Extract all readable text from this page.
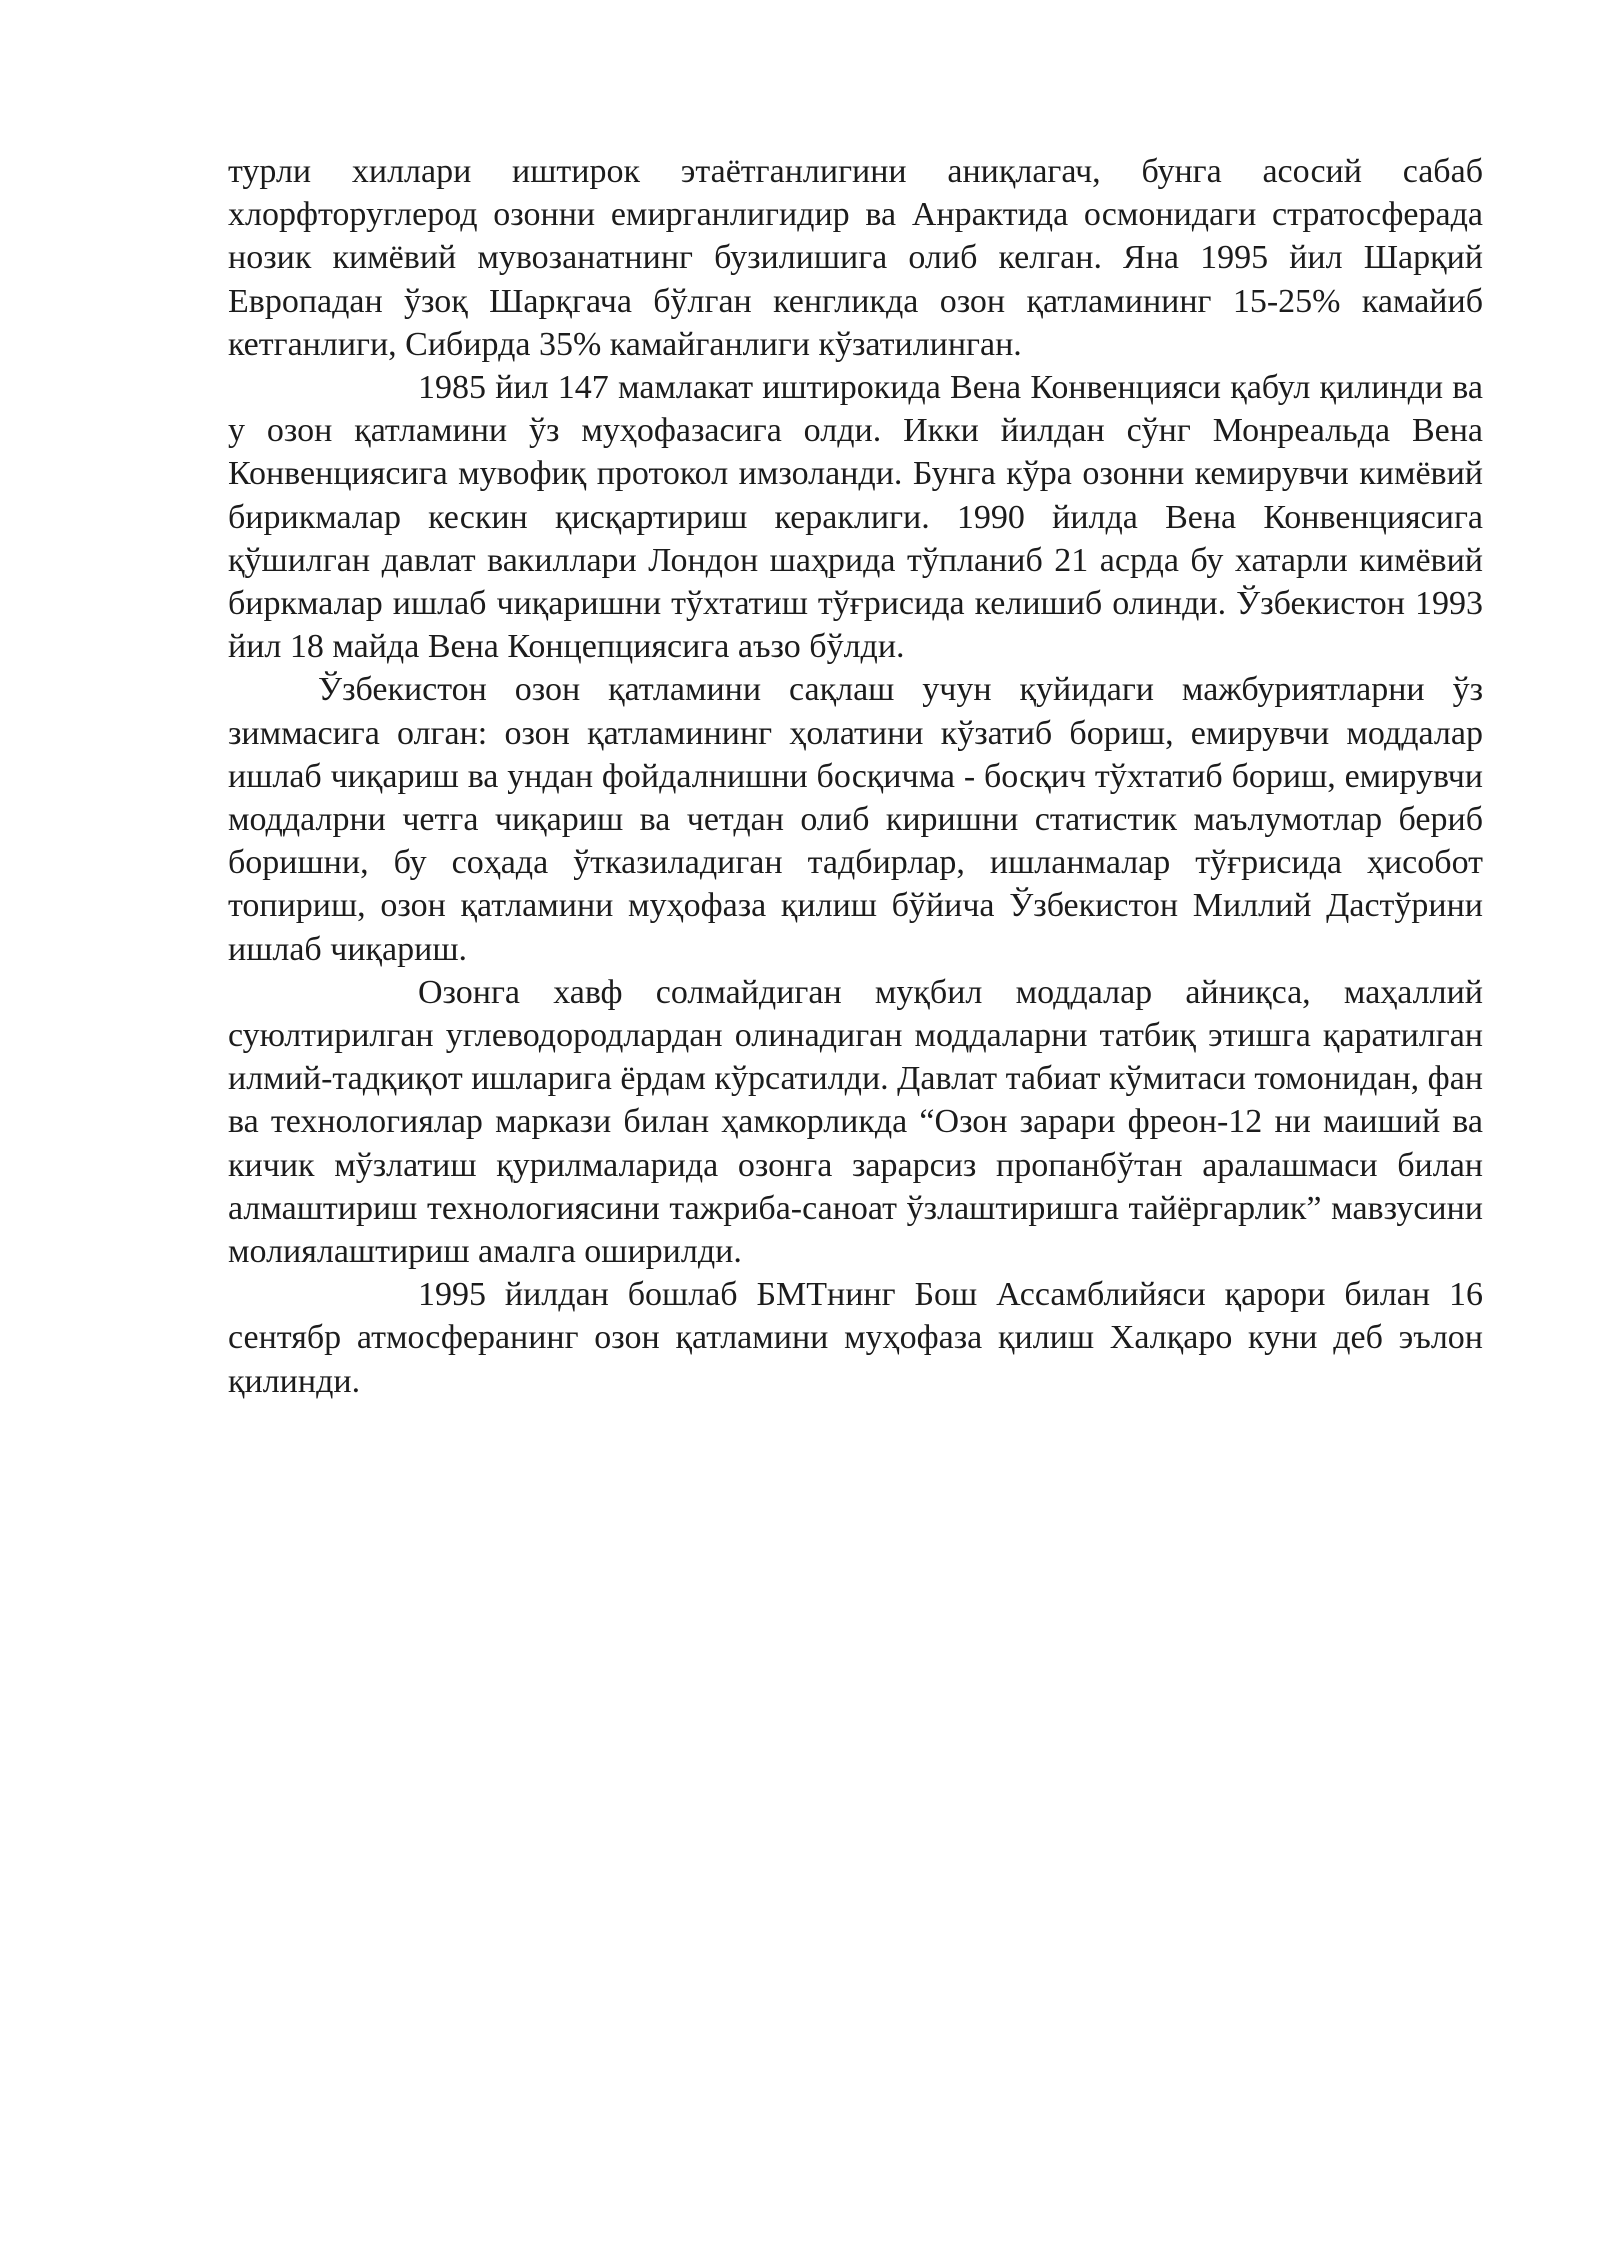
турли хиллари иштирок этаётганлигини аниқлагач, бунга асосий сабаб хлорфторуглерод озонни емирганлигидир ва Анрактида осмонидаги стратосферада нозик кимёвий мувозанатнинг бузилишига олиб келган. Яна 1995 йил Шарқий Европадан ўзоқ Шарқгача бўлган кенгликда озон қатламининг 15-25% камайиб кетганлиги, Сибирда 35% камайганлиги кўзатилинган.

1985 йил 147 мамлакат иштирокида Вена Конвенцияси қабул қилинди ва у озон қатламини ўз муҳофазасига олди. Икки йилдан сўнг Монреальда Вена Конвенциясига мувофиқ протокол имзоланди. Бунга кўра озонни кемирувчи кимёвий бирикмалар кескин қисқартириш кераклиги. 1990 йилда Вена Конвенциясига қўшилган давлат вакиллари Лондон шаҳрида тўпланиб 21 асрда бу хатарли кимёвий биркмалар ишлаб чиқаришни тўхтатиш тўғрисида келишиб олинди. Ўзбекистон 1993 йил 18 майда Вена Концепциясига аъзо бўлди.

Ўзбекистон озон қатламини сақлаш учун қуйидаги мажбуриятларни ўз зиммасига олган: озон қатламининг ҳолатини кўзатиб бориш, емирувчи моддалар ишлаб чиқариш ва ундан фойдалнишни босқичма - босқич тўхтатиб бориш, емирувчи моддалрни четга чиқариш ва четдан олиб киришни статистик маълумотлар бериб боришни, бу соҳада ўтказиладиган тадбирлар, ишланмалар тўғрисида ҳисобот топириш, озон қатламини муҳофаза қилиш бўйича Ўзбекистон Миллий Дастўрини ишлаб чиқариш.

Озонга хавф солмайдиган муқбил моддалар айниқса, маҳаллий суюлтирилган углеводородлардан олинадиган моддаларни татбиқ этишга қаратилган илмий-тадқиқот ишларига ёрдам кўрсатилди. Давлат табиат кўмитаси томонидан, фан ва технологиялар маркази билан ҳамкорликда “Озон зарари фреон-12 ни маиший ва кичик мўзлатиш қурилмаларида озонга зарарсиз пропанбўтан аралашмаси билан алмаштириш технологиясини тажриба-саноат ўзлаштиришга тайёргарлик” мавзусини молиялаштириш амалга оширилди.

1995 йилдан бошлаб БМТнинг Бош Ассамблийяси қарори билан 16 сентябр атмосферанинг озон қатламини муҳофаза қилиш Халқаро куни деб эълон қилинди.
